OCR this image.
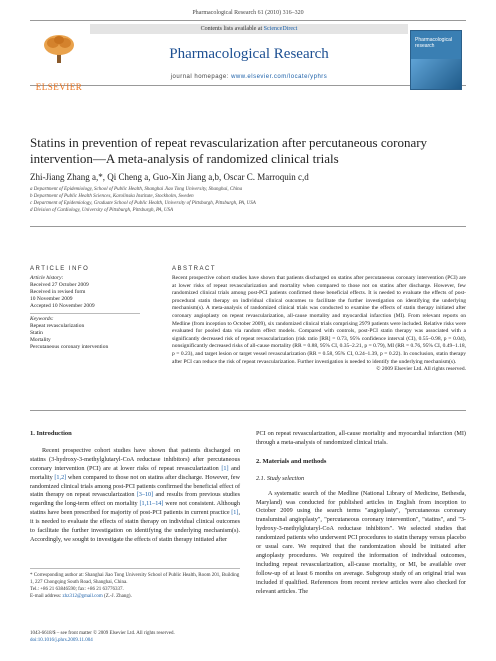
Pharmacological Research 61 (2010) 316–320
Contents lists available at ScienceDirect
ELSEVIER
Pharmacological Research
journal homepage: www.elsevier.com/locate/yphrs
Pharmacological
research
Statins in prevention of repeat revascularization after percutaneous coronary intervention—A meta-analysis of randomized clinical trials
Zhi-Jiang Zhang a,*, Qi Cheng a, Guo-Xin Jiang a,b, Oscar C. Marroquin c,d
a Department of Epidemiology, School of Public Health, Shanghai Jiao Tong University, Shanghai, China
b Department of Public Health Sciences, Karolinska Institute, Stockholm, Sweden
c Department of Epidemiology, Graduate School of Public Health, University of Pittsburgh, Pittsburgh, PA, USA
d Division of Cardiology, University of Pittsburgh, Pittsburgh, PA, USA
ARTICLE INFO	ABSTRACT
Article history:
Received 27 October 2009
Received in revised form
10 November 2009
Accepted 10 November 2009
Keywords:
Repeat revascularization
Statin
Mortality
Percutaneous coronary intervention
Recent prospective cohort studies have shown that patients discharged on statins after percutaneous coronary intervention (PCI) are at lower risks of repeat revascularization and mortality when compared to those not on statins after discharge. However, few randomized clinical trials among post-PCI patients confirmed these beneficial effects. It is needed to evaluate the effects of post-procedural statin therapy on individual clinical outcomes to facilitate the further investigation on identifying the underlying mechanism(s). A meta-analysis of randomized clinical trials was conducted to examine the effects of statin therapy initiated after coronary angioplasty on repeat revascularization, all-cause mortality and myocardial infarction (MI). From relevant reports on Medline (from inception to October 2009), six randomized clinical trials comprising 2979 patients were included. Relative risks were evaluated for pooled data via random effect models. Compared with controls, post-PCI statin therapy was associated with a significantly decreased risk of repeat revascularization (risk ratio [RR] = 0.73, 95% confidence interval (CI), 0.55–0.98, p = 0.04), nonsignificantly decreased risks of all-cause mortality (RR = 0.88, 95% CI, 0.35–2.21, p = 0.79), MI (RR = 0.76, 95% CI, 0.49–1.18, p = 0.23), and target lesion or target vessel revascularization (RR = 0.58, 95% CI, 0.24–1.39, p = 0.22). In conclusion, statin therapy after PCI can reduce the risk of repeat revascularization. Further investigation is needed to identify the underlying mechanism(s).
© 2009 Elsevier Ltd. All rights reserved.
1. Introduction
Recent prospective cohort studies have shown that patients discharged on statins (3-hydroxy-3-methylglutaryl-CoA reductase inhibitors) after percutaneous coronary intervention (PCI) are at lower risks of repeat revascularization [1] and mortality [1,2] when compared to those not on statins after discharge. However, few randomized clinical trials among post-PCI patients confirmed the beneficial effect of statin therapy on repeat revascularization [3–10] and results from previous studies regarding the long-term effect on mortality [1,11–14] were not consistent. Although statins have been prescribed for majority of post-PCI patients in current practice [1], it is needed to evaluate the effects of statin therapy on individual clinical outcomes to facilitate the further investigation on identifying the underlying mechanism(s). Accordingly, we sought to investigate the effects of statin therapy initiated after
PCI on repeat revascularization, all-cause mortality and myocardial infarction (MI) through a meta-analysis of randomized clinical trials.
2. Materials and methods
2.1. Study selection
A systematic search of the Medline (National Library of Medicine, Bethesda, Maryland) was conducted for published articles in English from inception to October 2009 using the search terms "angioplasty", "percutaneous coronary transluminal angioplasty", "percutaneous coronary intervention", "statins", and "3-hydroxy-3-methylglutaryl-CoA reductase inhibitors". We selected studies that randomized patients who underwent PCI procedures to statin therapy versus placebo or usual care. We required that the randomization should be initiated after angioplasty procedures. We required the information of individual outcomes, including repeat revascularization, all-cause mortality, or MI, be available over follow-up of at least 6 months on average. Subgroup study of an original trial was included if qualified. References from recent review articles were also checked for relevant articles. The
* Corresponding author at: Shanghai Jiao Tong University School of Public Health, Room 201, Building 1, 227 Chongqing South Road, Shanghai, China.
Tel.: +86 21 63846590; fax: +86 21 63776337.
E-mail address: zhz312@gmail.com (Z.-J. Zhang).
1043-6618/$ – see front matter © 2009 Elsevier Ltd. All rights reserved.
doi:10.1016/j.phrs.2009.11.004
